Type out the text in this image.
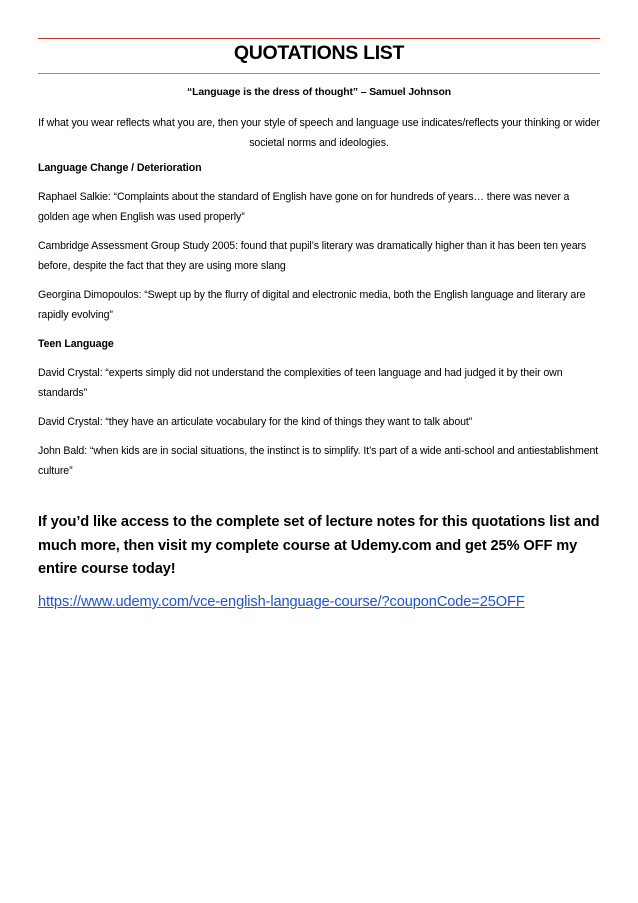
QUOTATIONS LIST
“Language is the dress of thought” – Samuel Johnson
If what you wear reflects what you are, then your style of speech and language use indicates/reflects your thinking or wider societal norms and ideologies.
Language Change / Deterioration
Raphael Salkie: “Complaints about the standard of English have gone on for hundreds of years… there was never a golden age when English was used properly”
Cambridge Assessment Group Study 2005: found that pupil’s literary was dramatically higher than it has been ten years before, despite the fact that they are using more slang
Georgina Dimopoulos: “Swept up by the flurry of digital and electronic media, both the English language and literary are rapidly evolving”
Teen Language
David Crystal: “experts simply did not understand the complexities of teen language and had judged it by their own standards”
David Crystal: “they have an articulate vocabulary for the kind of things they want to talk about”
John Bald: “when kids are in social situations, the instinct is to simplify. It’s part of a wide anti-school and antiestablishment culture”
If you’d like access to the complete set of lecture notes for this quotations list and much more, then visit my complete course at Udemy.com and get 25% OFF my entire course today!
https://www.udemy.com/vce-english-language-course/?couponCode=25OFF
